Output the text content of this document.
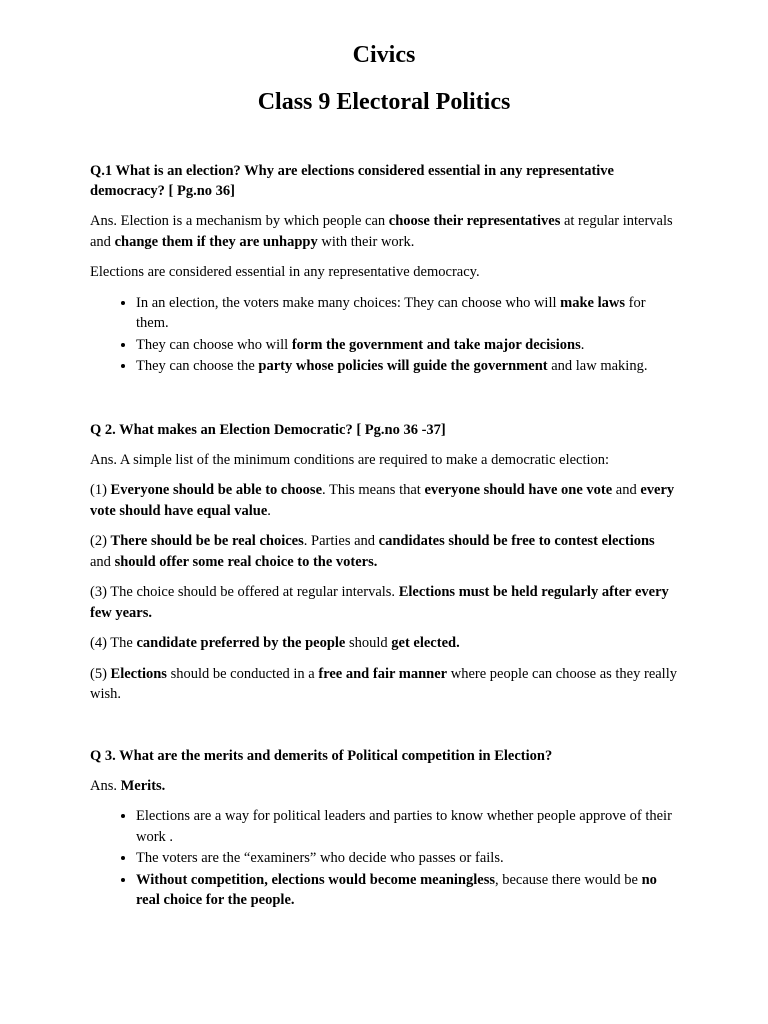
Civics
Class 9 Electoral Politics

Q.1 What is an election? Why are elections considered essential in any representative democracy? [ Pg.no 36]

Ans. Election is a mechanism by which people can choose their representatives at regular intervals and change them if they are unhappy with their work.

Elections are considered essential in any representative democracy.

• In an election, the voters make many choices: They can choose who will make laws for them.
• They can choose who will form the government and take major decisions.
• They can choose the party whose policies will guide the government and law making.

Q 2. What makes an Election Democratic? [ Pg.no 36 -37]

Ans. A simple list of the minimum conditions are required to make a democratic election:

(1) Everyone should be able to choose. This means that everyone should have one vote and every vote should have equal value.

(2) There should be be real choices. Parties and candidates should be free to contest elections and should offer some real choice to the voters.

(3) The choice should be offered at regular intervals. Elections must be held regularly after every few years.

(4) The candidate preferred by the people should get elected.

(5) Elections should be conducted in a free and fair manner where people can choose as they really wish.

Q 3. What are the merits and demerits of Political competition in Election?

Ans. Merits.

• Elections are a way for political leaders and parties to know whether people approve of their work .
• The voters are the “examiners” who decide who passes or fails.
• Without competition, elections would become meaningless, because there would be no real choice for the people.
